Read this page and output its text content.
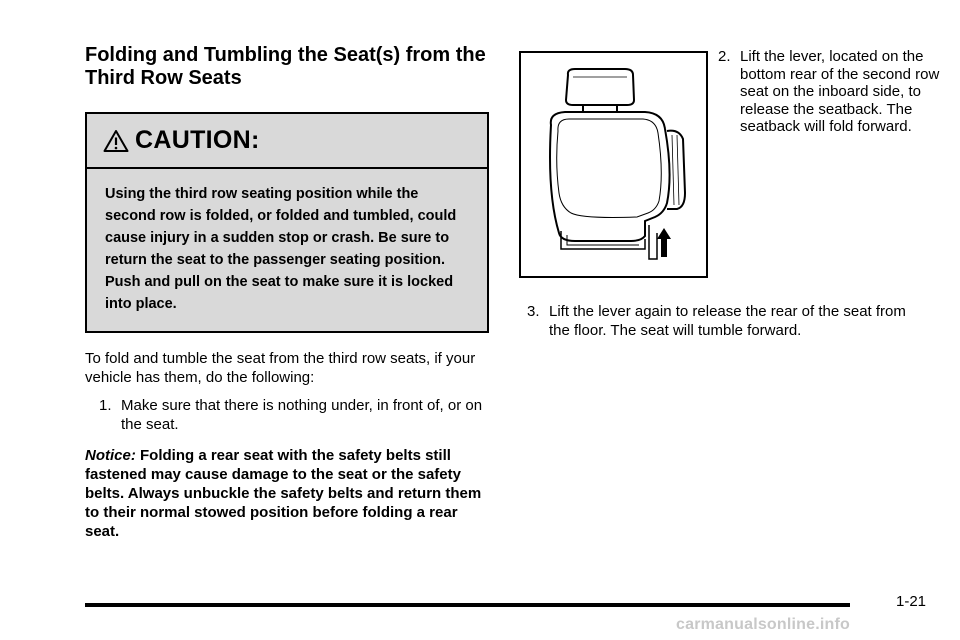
Folding and Tumbling the Seat(s) from the Third Row Seats
CAUTION:
Using the third row seating position while the second row is folded, or folded and tumbled, could cause injury in a sudden stop or crash. Be sure to return the seat to the passenger seating position. Push and pull on the seat to make sure it is locked into place.
To fold and tumble the seat from the third row seats, if your vehicle has them, do the following:
1. Make sure that there is nothing under, in front of, or on the seat.
Notice: Folding a rear seat with the safety belts still fastened may cause damage to the seat or the safety belts. Always unbuckle the safety belts and return them to their normal stowed position before folding a rear seat.
2. Lift the lever, located on the bottom rear of the second row seat on the inboard side, to release the seatback. The seatback will fold forward.
3. Lift the lever again to release the rear of the seat from the floor. The seat will tumble forward.
1-21
carmanualsonline.info
